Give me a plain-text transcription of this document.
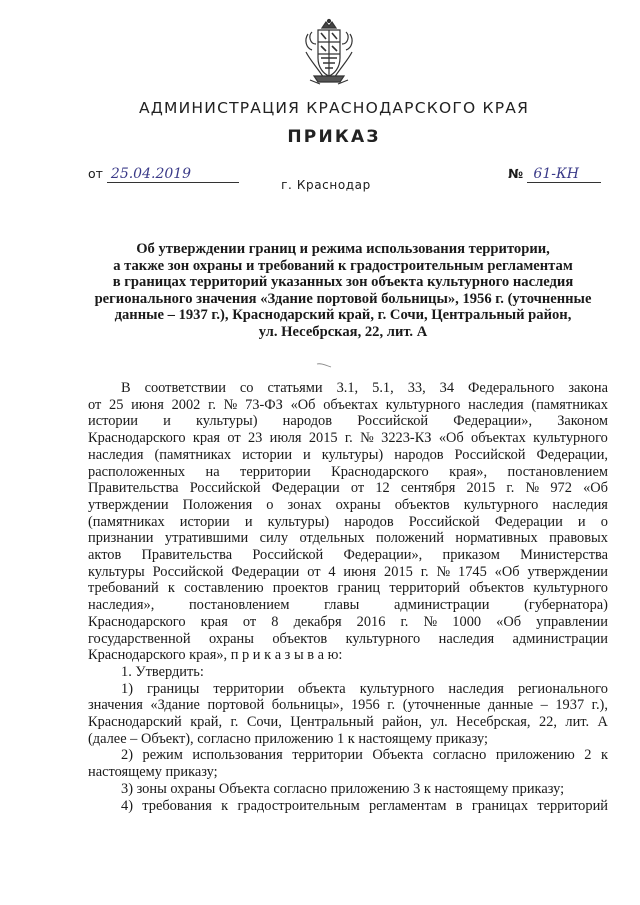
АДМИНИСТРАЦИЯ КРАСНОДАРСКОГО КРАЯ
ПРИКАЗ
от 25.04.2019	№ 61-КН
г. Краснодар
Об утверждении границ и режима использования территории,
а также зон охраны и требований к градостроительным регламентам
в границах территорий указанных зон объекта культурного наследия
регионального значения «Здание портовой больницы», 1956 г. (уточненные
данные – 1937 г.), Краснодарский край, г. Сочи, Центральный район,
ул. Несебрская, 22, лит. А
В соответствии со статьями 3.1, 5.1, 33, 34 Федерального закона
от 25 июня 2002 г. № 73-ФЗ «Об объектах культурного наследия (памятниках
истории и культуры) народов Российской Федерации», Законом
Краснодарского края от 23 июля 2015 г. № 3223-КЗ «Об объектах культурного
наследия (памятниках истории и культуры) народов Российской Федерации,
расположенных на территории Краснодарского края», постановлением
Правительства Российской Федерации от 12 сентября 2015 г. № 972 «Об
утверждении Положения о зонах охраны объектов культурного наследия
(памятниках истории и культуры) народов Российской Федерации и о
признании утратившими силу отдельных положений нормативных правовых
актов Правительства Российской Федерации», приказом Министерства
культуры Российской Федерации от 4 июня 2015 г. № 1745 «Об утверждении
требований к составлению проектов границ территорий объектов культурного
наследия», постановлением главы администрации (губернатора)
Краснодарского края от 8 декабря 2016 г. № 1000 «Об управлении
государственной охраны объектов культурного наследия администрации
Краснодарского края», п р и к а з ы в а ю:
1. Утвердить:
1) границы территории объекта культурного наследия регионального
значения «Здание портовой больницы», 1956 г. (уточненные данные – 1937 г.),
Краснодарский край, г. Сочи, Центральный район, ул. Несебрская, 22, лит. А
(далее – Объект), согласно приложению 1 к настоящему приказу;
2) режим использования территории Объекта согласно приложению 2 к
настоящему приказу;
3) зоны охраны Объекта согласно приложению 3 к настоящему приказу;
4) требования к градостроительным регламентам в границах территорий
